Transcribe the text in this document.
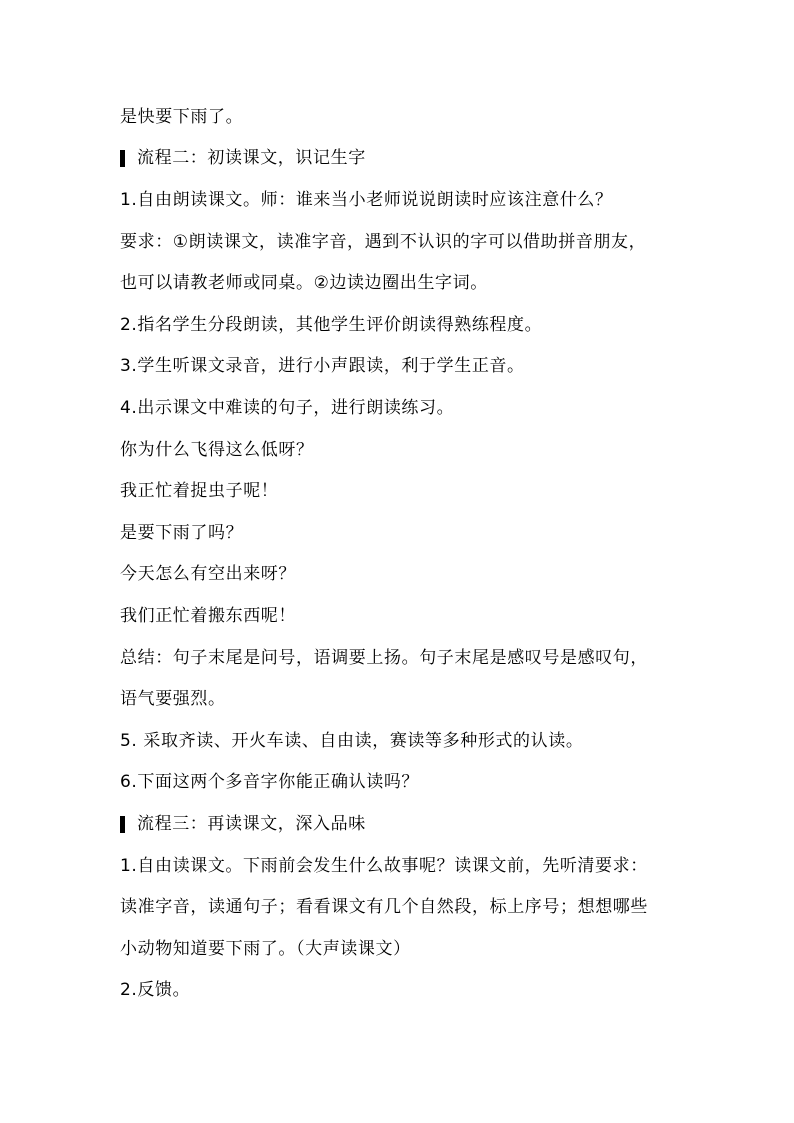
是快要下雨了。
流程二：初读课文，识记生字
1.自由朗读课文。师：谁来当小老师说说朗读时应该注意什么？
要求：①朗读课文，读准字音，遇到不认识的字可以借助拼音朋友，
也可以请教老师或同桌。②边读边圈出生字词。
2.指名学生分段朗读，其他学生评价朗读得熟练程度。
3.学生听课文录音，进行小声跟读，利于学生正音。
4.出示课文中难读的句子，进行朗读练习。
你为什么飞得这么低呀？
我正忙着捉虫子呢！
是要下雨了吗？
今天怎么有空出来呀？
我们正忙着搬东西呢！
总结：句子末尾是问号，语调要上扬。句子末尾是感叹号是感叹句，
语气要强烈。
5. 采取齐读、开火车读、自由读，赛读等多种形式的认读。
6.下面这两个多音字你能正确认读吗？
流程三：再读课文，深入品味
1.自由读课文。下雨前会发生什么故事呢？读课文前，先听清要求：
读准字音，读通句子；看看课文有几个自然段，标上序号；想想哪些
小动物知道要下雨了。（大声读课文）
2.反馈。
